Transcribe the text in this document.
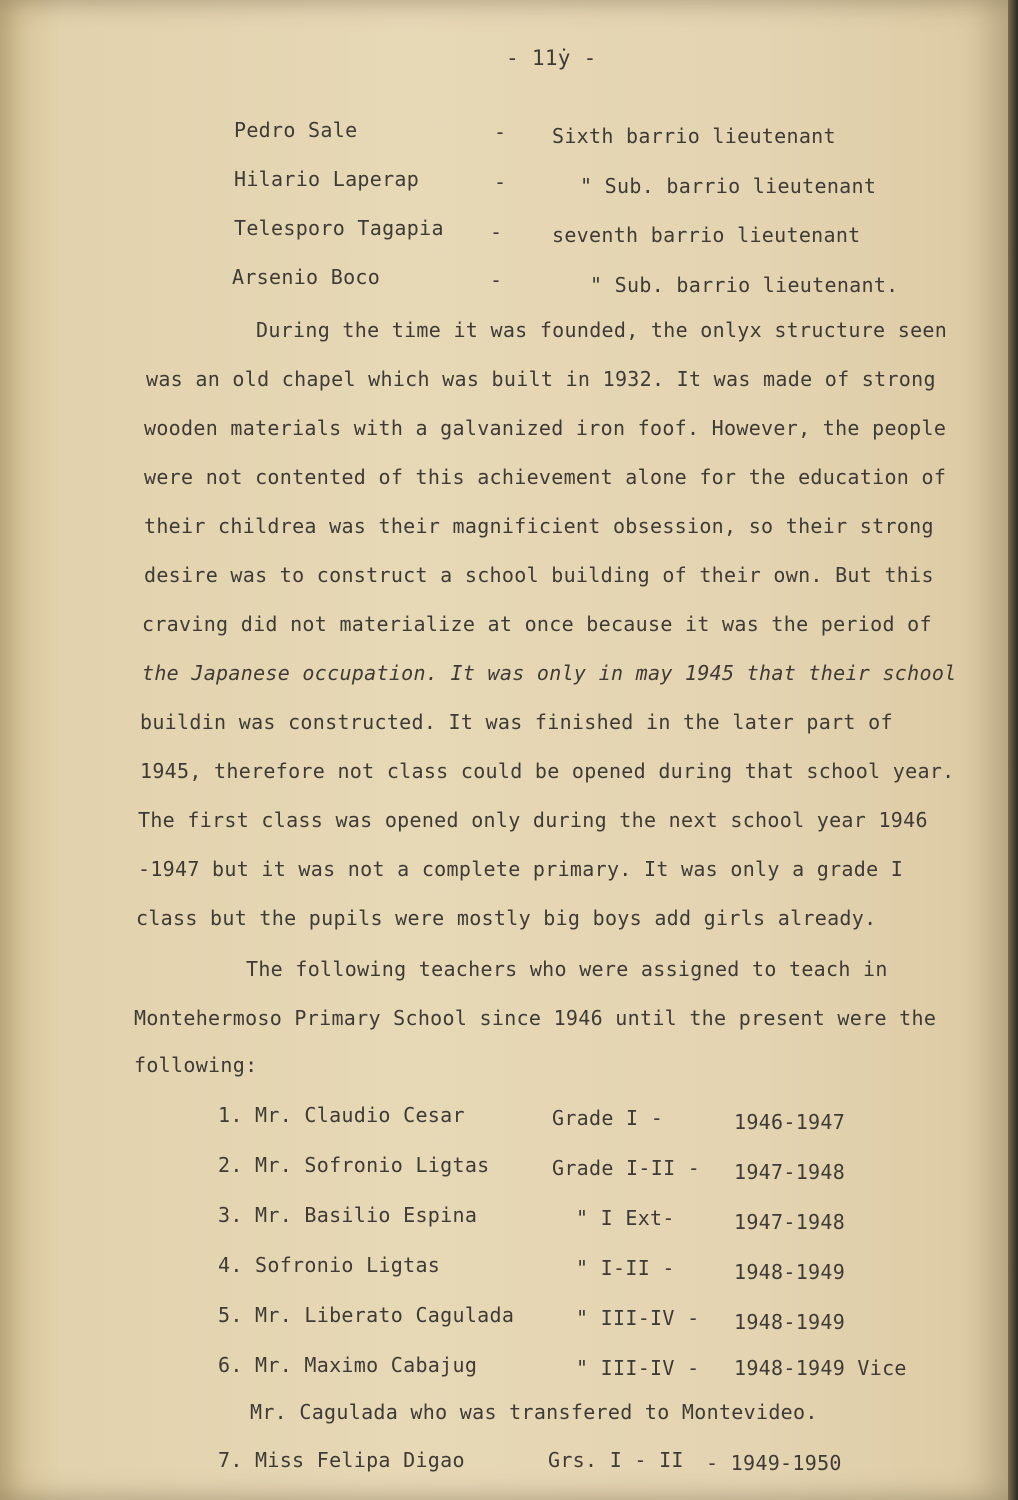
- 11ẏ -
Pedro Sale	- Sixth barrio lieutenant
Hilario Laperap	-	" Sub. barrio lieutenant
Telesporo Tagapia - seventh barrio lieutenant
Arsenio Boco	-	" Sub. barrio lieutenant.
During the time it was founded, the onlyx structure seen
was an old chapel which was built in 1932. It was made of strong
wooden materials with a galvanized iron foof. However, the people
were not contented of this achievement alone for the education of
their childrea was their magnificient obsession, so their strong
desire was to construct a school building of their own. But this
craving did not materialize at once because it was the period of
the Japanese occupation. It was only in may 1945 that their school
buildin was constructed. It was finished in the later part of
1945, therefore not class could be opened during that school year.
The first class was opened only during the next school year 1946
-1947 but it was not a complete primary. It was only a grade I
class but the pupils were mostly big boys add girls already.
The following teachers who were assigned to teach in
Montehermoso Primary School since 1946 until the present were the
following:
1. Mr. Claudio Cesar	Grade I -	1946-1947
2. Mr. Sofronio Ligtas	Grade I-II - 1947-1948
3. Mr. Basilio Espina	" I Ext-	1947-1948
4. Sofronio Ligtas	" I-II -	1948-1949
5. Mr. Liberato Cagulada	" III-IV - 1948-1949
6. Mr. Maximo Cabajug	" III-IV - 1948-1949 Vice
Mr. Cagulada who was transfered to Montevideo.
7. Miss Felipa Digao	Grs. I - II - 1949-1950
